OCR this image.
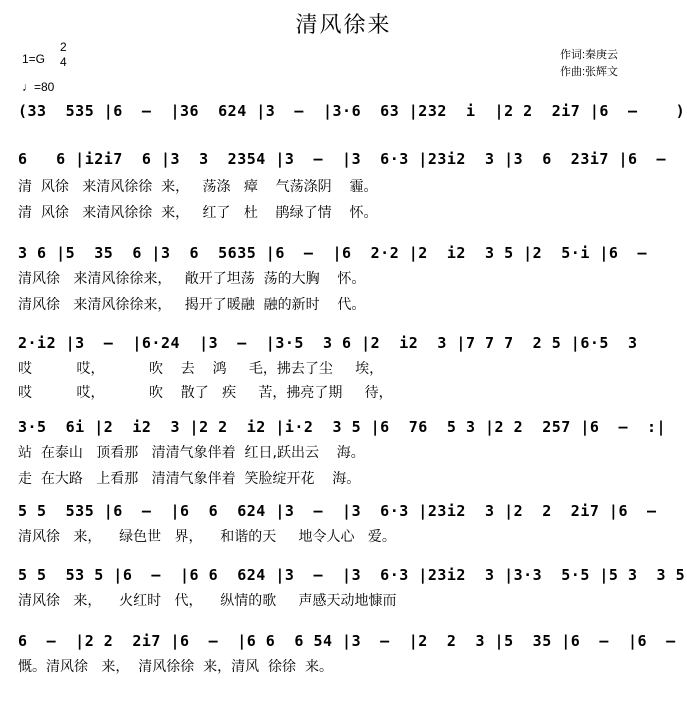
清风徐来
1=G
2
4
♩=80
作词:秦庚云
作曲:张辉文
(33  535 |6  –  |36  624 |3  –  |3·6  63 |232  i  |2 2  2i7 |6  –    )
6   6 |i2i7  6 |3  3  2354 |3  –  |3  6·3 |23i2  3 |3  6  23i7 |6  –
清  风徐   来清风徐徐  来，   荡涤   瘴    气荡涤阴    霾。
清  风徐   来清风徐徐  来，   红了   杜    鹃绿了情    怀。
3 6 |5  35  6 |3  6  5635 |6  –  |6  2·2 |2  i2  3 5 |2  5·i |6  –
清风徐   来清风徐徐来，   敞开了坦荡  荡的大胸    怀。
清风徐   来清风徐徐来，   揭开了暖融  融的新时    代。
2·i2 |3  –  |6·24  |3  –  |3·5  3 6 |2  i2  3 |7 7 7  2 5 |6·5  3
哎          哎，          吹    去    鸿     毛，拂去了尘     埃，
哎          哎，          吹    散了   疾     苦，拂亮了期     待，
3·5  6i |2  i2  3 |2 2  i2 |i·2  3 5 |6  76  5 3 |2 2  257 |6  –  :|
站  在泰山   顶看那   清清气象伴着  红日,跃出云    海。
走  在大路   上看那   清清气象伴着  笑脸绽开花    海。
5 5  535 |6  –  |6  6  624 |3  –  |3  6·3 |23i2  3 |2  2  2i7 |6  –
清风徐   来，    绿色世   界，    和谐的天     地令人心   爱。
5 5  53 5 |6  –  |6 6  624 |3  –  |3  6·3 |23i2  3 |3·3  5·5 |5 3  3 5
清风徐   来，    火红时   代，    纵情的歌     声感天动地慷而
6  –  |2 2  2i7 |6  –  |6 6  6 54 |3  –  |2  2  3 |5  35 |6  –  |6  –
慨。清风徐   来，  清风徐徐  来，清风  徐徐  来。
